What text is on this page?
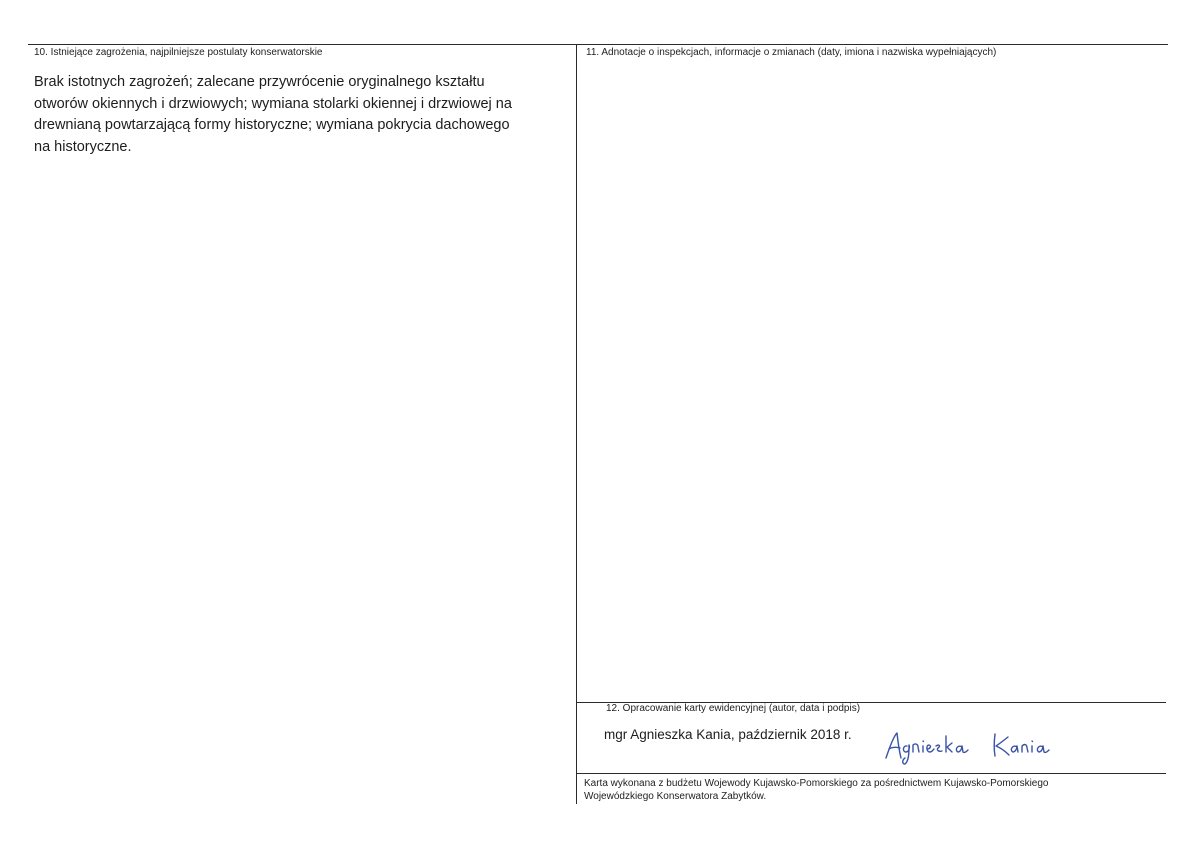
10. Istniejące zagrożenia, najpilniejsze postulaty konserwatorskie
Brak istotnych zagrożeń; zalecane przywrócenie oryginalnego kształtu
otworów okiennych i drzwiowych; wymiana stolarki okiennej i drzwiowej na
drewnianą powtarzającą formy historyczne; wymiana pokrycia dachowego
na historyczne.
11. Adnotacje o inspekcjach, informacje o zmianach (daty, imiona i nazwiska wypełniających)
12. Opracowanie karty ewidencyjnej (autor, data i podpis)
mgr Agnieszka Kania, październik 2018 r.
Karta wykonana z budżetu Wojewody Kujawsko-Pomorskiego za pośrednictwem Kujawsko-Pomorskiego
Wojewódzkiego Konserwatora Zabytków.
